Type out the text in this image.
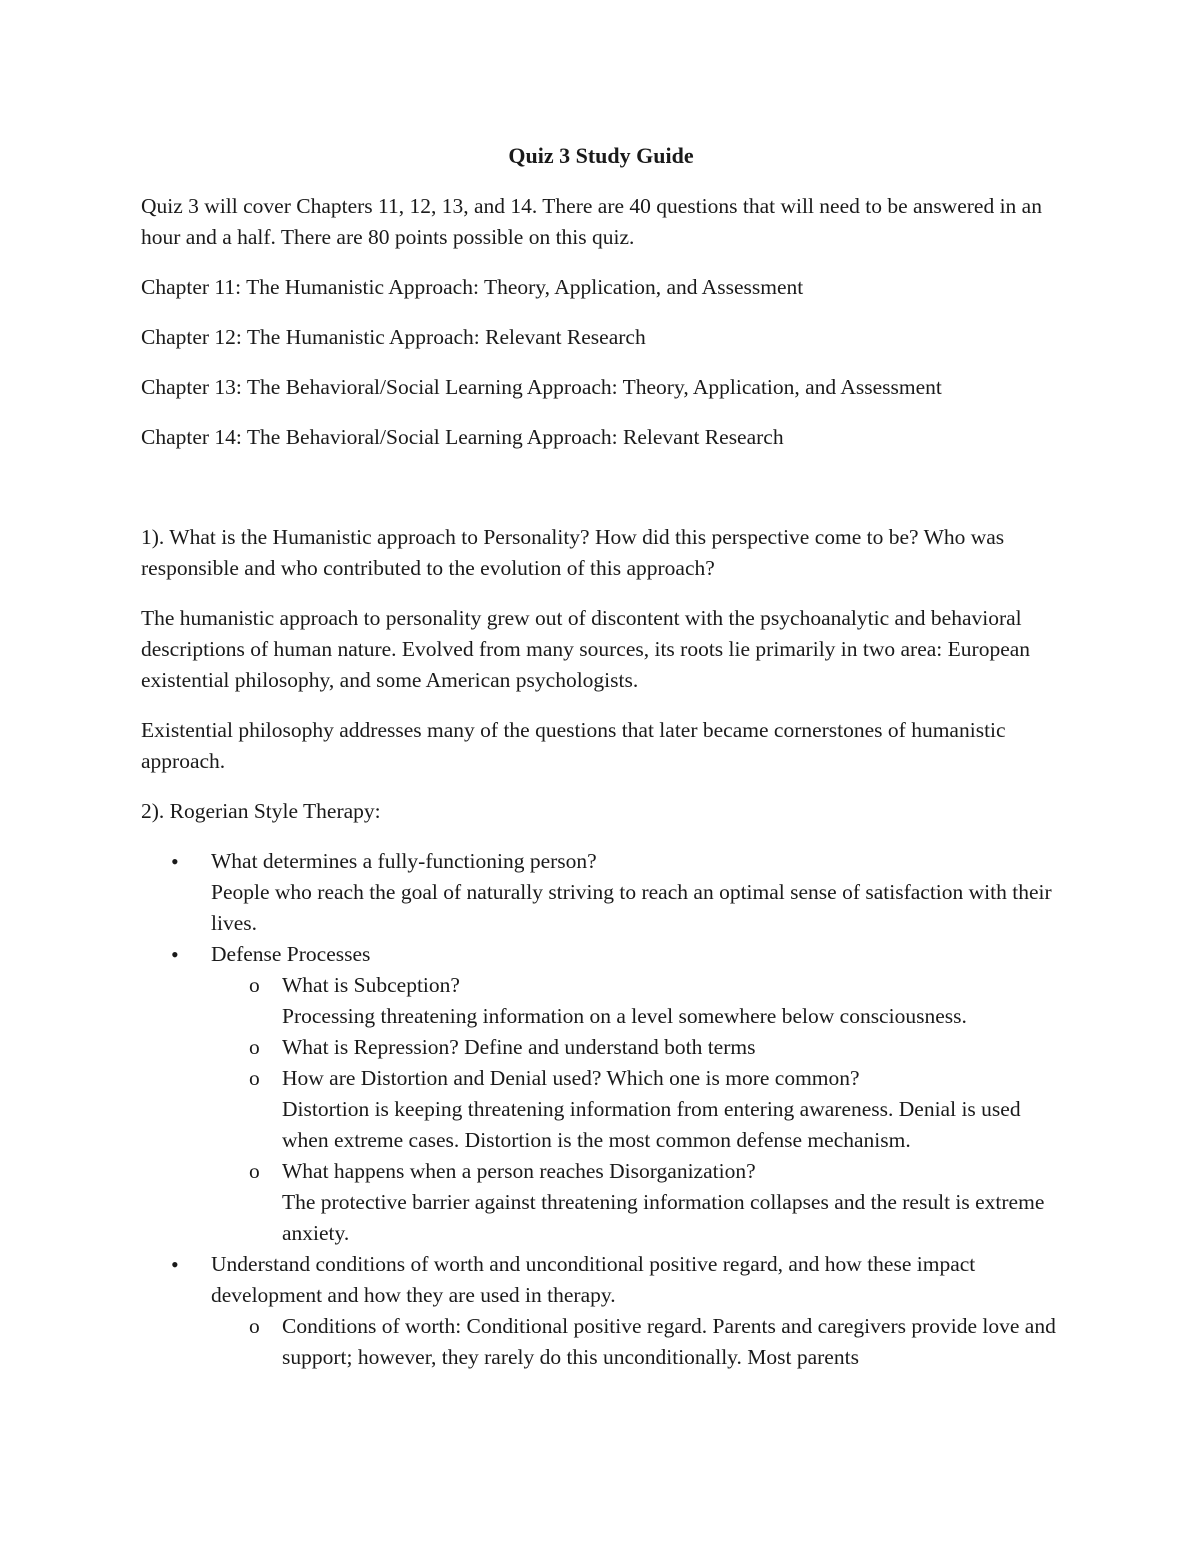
Quiz 3 Study Guide

Quiz 3 will cover Chapters 11, 12, 13, and 14. There are 40 questions that will need to be answered in an hour and a half. There are 80 points possible on this quiz.

Chapter 11: The Humanistic Approach: Theory, Application, and Assessment

Chapter 12: The Humanistic Approach: Relevant Research

Chapter 13: The Behavioral/Social Learning Approach: Theory, Application, and Assessment

Chapter 14: The Behavioral/Social Learning Approach: Relevant Research

1). What is the Humanistic approach to Personality? How did this perspective come to be? Who was responsible and who contributed to the evolution of this approach?

The humanistic approach to personality grew out of discontent with the psychoanalytic and behavioral descriptions of human nature. Evolved from many sources, its roots lie primarily in two area: European existential philosophy, and some American psychologists.

Existential philosophy addresses many of the questions that later became cornerstones of humanistic approach.

2). Rogerian Style Therapy:

• What determines a fully-functioning person?
People who reach the goal of naturally striving to reach an optimal sense of satisfaction with their lives.
• Defense Processes
o What is Subception?
Processing threatening information on a level somewhere below consciousness.
o What is Repression? Define and understand both terms
o How are Distortion and Denial used? Which one is more common?
Distortion is keeping threatening information from entering awareness. Denial is used when extreme cases. Distortion is the most common defense mechanism.
o What happens when a person reaches Disorganization?
The protective barrier against threatening information collapses and the result is extreme anxiety.
• Understand conditions of worth and unconditional positive regard, and how these impact development and how they are used in therapy.
o Conditions of worth: Conditional positive regard. Parents and caregivers provide love and support; however, they rarely do this unconditionally. Most parents
